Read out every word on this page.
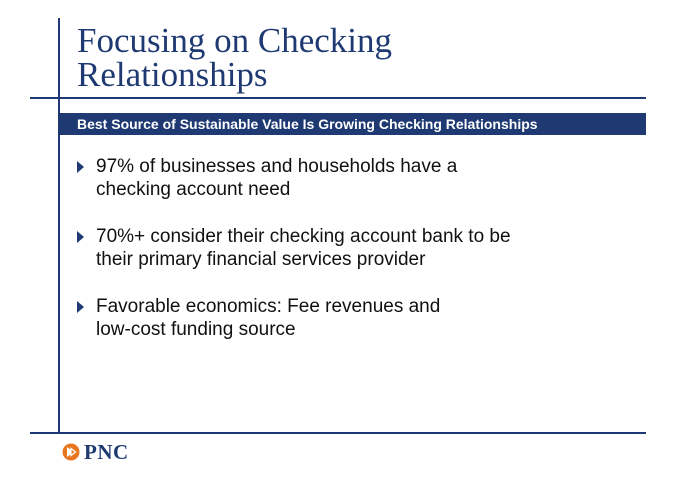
Focusing on Checking
Relationships
Best Source of Sustainable Value Is Growing Checking Relationships
97% of businesses and households have a
checking account need
70%+ consider their checking account bank to be
their primary financial services provider
Favorable economics: Fee revenues and
low-cost funding source
PNC
